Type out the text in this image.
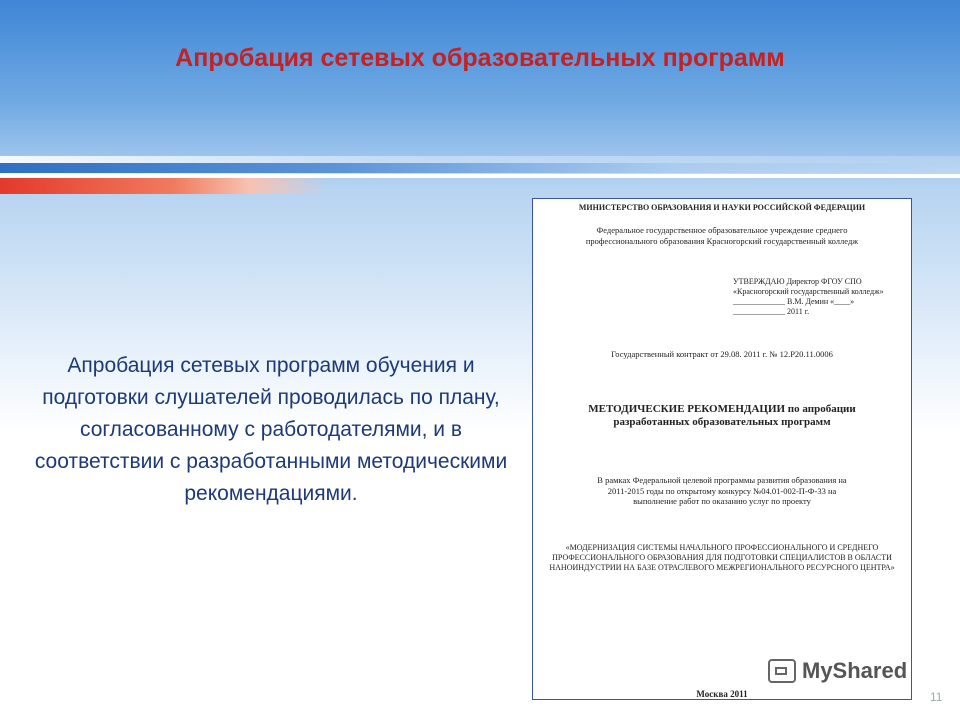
Апробация сетевых образовательных программ
Апробация сетевых программ обучения и подготовки слушателей проводилась по плану, согласованному с работодателями, и в соответствии с разработанными методическими рекомендациями.
МИНИСТЕРСТВО ОБРАЗОВАНИЯ И НАУКИ РОССИЙСКОЙ ФЕДЕРАЦИИ
Федеральное государственное образовательное учреждение среднего профессионального образования Красногорский государственный колледж
УТВЕРЖДАЮ Директор ФГОУ СПО «Красногорский государственный колледж» _____________ В.М. Демин «____» _____________ 2011 г.
Государственный контракт от 29.08. 2011 г. № 12.Р20.11.0006
МЕТОДИЧЕСКИЕ РЕКОМЕНДАЦИИ по апробации разработанных образовательных программ
В рамках Федеральной целевой программы развития образования на 2011-2015 годы по открытому конкурсу №04.01-002-П-Ф-33 на выполнение работ по оказанию услуг по проекту
«МОДЕРНИЗАЦИЯ СИСТЕМЫ НАЧАЛЬНОГО ПРОФЕССИОНАЛЬНОГО И СРЕДНЕГО ПРОФЕССИОНАЛЬНОГО ОБРАЗОВАНИЯ ДЛЯ ПОДГОТОВКИ СПЕЦИАЛИСТОВ В ОБЛАСТИ НАНОИНДУСТРИИ НА БАЗЕ ОТРАСЛЕВОГО МЕЖРЕГИОНАЛЬНОГО РЕСУРСНОГО ЦЕНТРА»
Москва 2011
MyShared
11
